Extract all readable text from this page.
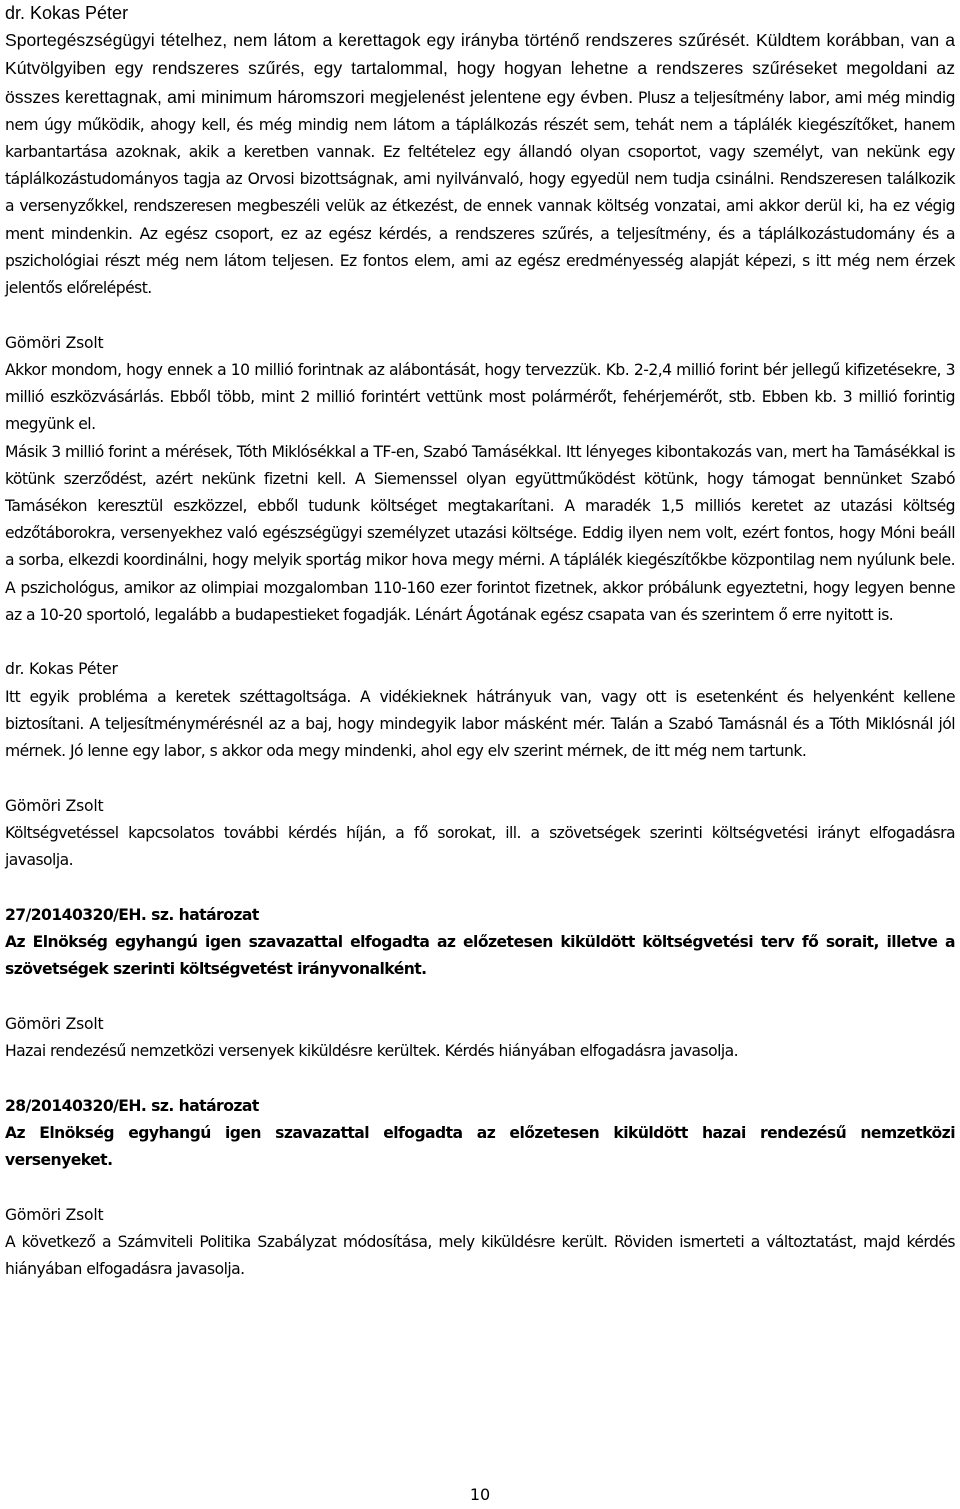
dr. Kokas Péter

Sportegészségügyi tételhez, nem látom a kerettagok egy irányba történő rendszeres szűrését. Küldtem korábban, van a Kútvölgyiben egy rendszeres szűrés, egy tartalommal, hogy hogyan lehetne a rendszeres szűréseket megoldani az összes kerettagnak, ami minimum háromszori megjelenést jelentene egy évben. Plusz a teljesítmény labor, ami még mindig nem úgy működik, ahogy kell, és még mindig nem látom a táplálkozás részét sem, tehát nem a táplálék kiegészítőket, hanem karbantartása azoknak, akik a keretben vannak. Ez feltételez egy állandó olyan csoportot, vagy személyt, van nekünk egy táplálkozástudományos tagja az Orvosi bizottságnak, ami nyilvánvaló, hogy egyedül nem tudja csinálni. Rendszeresen találkozik a versenyzőkkel, rendszeresen megbeszéli velük az étkezést, de ennek vannak költség vonzatai, ami akkor derül ki, ha ez végig ment mindenkin. Az egész csoport, ez az egész kérdés, a rendszeres szűrés, a teljesítmény, és a táplálkozástudomány és a pszichológiai részt még nem látom teljesen. Ez fontos elem, ami az egész eredményesség alapját képezi, s itt még nem érzek jelentős előrelépést.

Gömöri Zsolt

Akkor mondom, hogy ennek a 10 millió forintnak az alábontását, hogy tervezzük. Kb. 2-2,4 millió forint bér jellegű kifizetésekre, 3 millió eszközvásárlás. Ebből több, mint 2 millió forintért vettünk most polármérőt, fehérjemérőt, stb. Ebben kb. 3 millió forintig megyünk el.

Másik 3 millió forint a mérések, Tóth Miklósékkal a TF-en, Szabó Tamásékkal. Itt lényeges kibontakozás van, mert ha Tamásékkal is kötünk szerződést, azért nekünk fizetni kell. A Siemenssel olyan együttműködést kötünk, hogy támogat bennünket Szabó Tamásékon keresztül eszközzel, ebből tudunk költséget megtakarítani. A maradék 1,5 milliós keretet az utazási költség edzőtáborokra, versenyekhez való egészségügyi személyzet utazási költsége. Eddig ilyen nem volt, ezért fontos, hogy Móni beáll a sorba, elkezdi koordinálni, hogy melyik sportág mikor hova megy mérni. A táplálék kiegészítőkbe központilag nem nyúlunk bele. A pszichológus, amikor az olimpiai mozgalomban 110-160 ezer forintot fizetnek, akkor próbálunk egyeztetni, hogy legyen benne az a 10-20 sportoló, legalább a budapestieket fogadják. Lénárt Ágotának egész csapata van és szerintem ő erre nyitott is.

dr. Kokas Péter

Itt egyik probléma a keretek széttagoltsága. A vidékieknek hátrányuk van, vagy ott is esetenként és helyenként kellene biztosítani. A teljesítménymérésnél az a baj, hogy mindegyik labor másként mér. Talán a Szabó Tamásnál és a Tóth Miklósnál jól mérnek. Jó lenne egy labor, s akkor oda megy mindenki, ahol egy elv szerint mérnek, de itt még nem tartunk.

Gömöri Zsolt

Költségvetéssel kapcsolatos további kérdés híján, a fő sorokat, ill. a szövetségek szerinti költségvetési irányt elfogadásra javasolja.

27/20140320/EH. sz. határozat

Az Elnökség egyhangú igen szavazattal elfogadta az előzetesen kiküldött költségvetési terv fő sorait, illetve a szövetségek szerinti költségvetést irányvonalként.

Gömöri Zsolt

Hazai rendezésű nemzetközi versenyek kiküldésre kerültek. Kérdés hiányában elfogadásra javasolja.

28/20140320/EH. sz. határozat

Az Elnökség egyhangú igen szavazattal elfogadta az előzetesen kiküldött hazai rendezésű nemzetközi versenyeket.

Gömöri Zsolt

A következő a Számviteli Politika Szabályzat módosítása, mely kiküldésre került. Röviden ismerteti a változtatást, majd kérdés hiányában elfogadásra javasolja.

10
